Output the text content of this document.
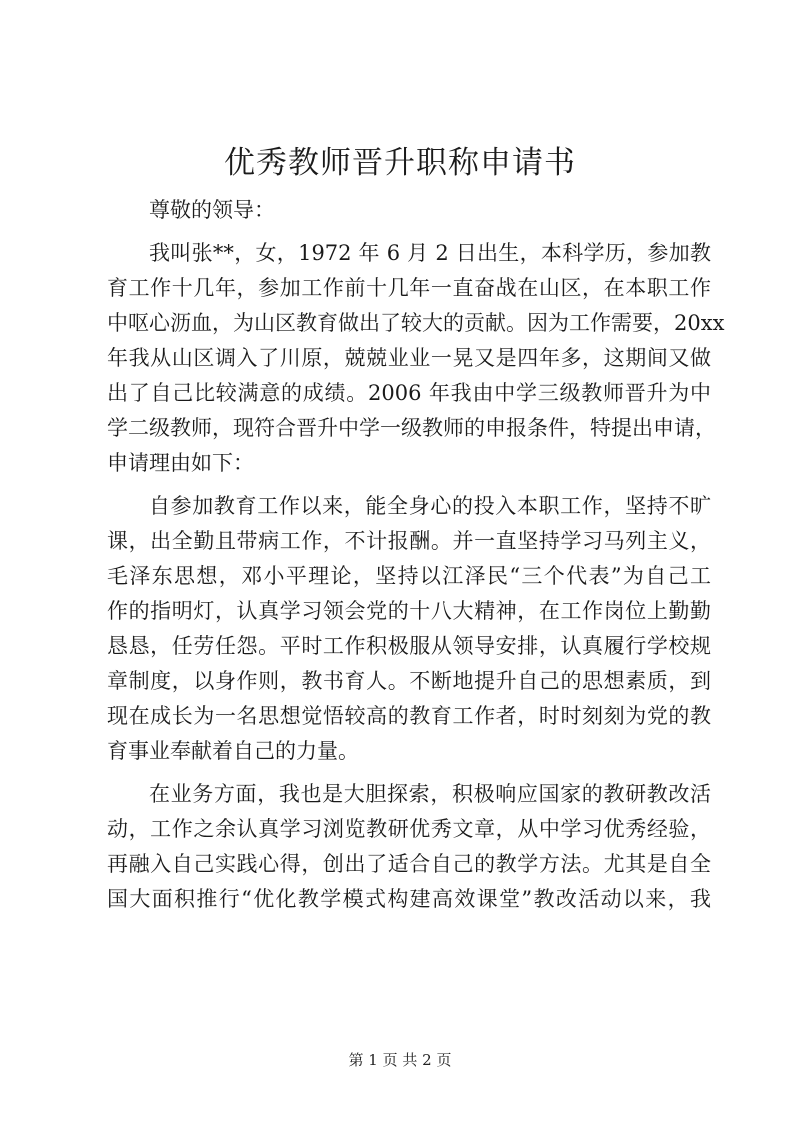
优秀教师晋升职称申请书
尊敬的领导：
我叫张**，女，1972 年 6 月 2 日出生，本科学历，参加教
育工作十几年，参加工作前十几年一直奋战在山区，在本职工作
中呕心沥血，为山区教育做出了较大的贡献。因为工作需要，20xx
年我从山区调入了川原，兢兢业业一晃又是四年多，这期间又做
出了自己比较满意的成绩。2006 年我由中学三级教师晋升为中
学二级教师，现符合晋升中学一级教师的申报条件，特提出申请，
申请理由如下：
自参加教育工作以来，能全身心的投入本职工作，坚持不旷
课，出全勤且带病工作，不计报酬。并一直坚持学习马列主义，
毛泽东思想，邓小平理论，坚持以江泽民“三个代表”为自己工
作的指明灯，认真学习领会党的十八大精神，在工作岗位上勤勤
恳恳，任劳任怨。平时工作积极服从领导安排，认真履行学校规
章制度，以身作则，教书育人。不断地提升自己的思想素质，到
现在成长为一名思想觉悟较高的教育工作者，时时刻刻为党的教
育事业奉献着自己的力量。
在业务方面，我也是大胆探索，积极响应国家的教研教改活
动，工作之余认真学习浏览教研优秀文章，从中学习优秀经验，
再融入自己实践心得，创出了适合自己的教学方法。尤其是自全
国大面积推行“优化教学模式构建高效课堂”教改活动以来，我
第 1 页 共 2 页
